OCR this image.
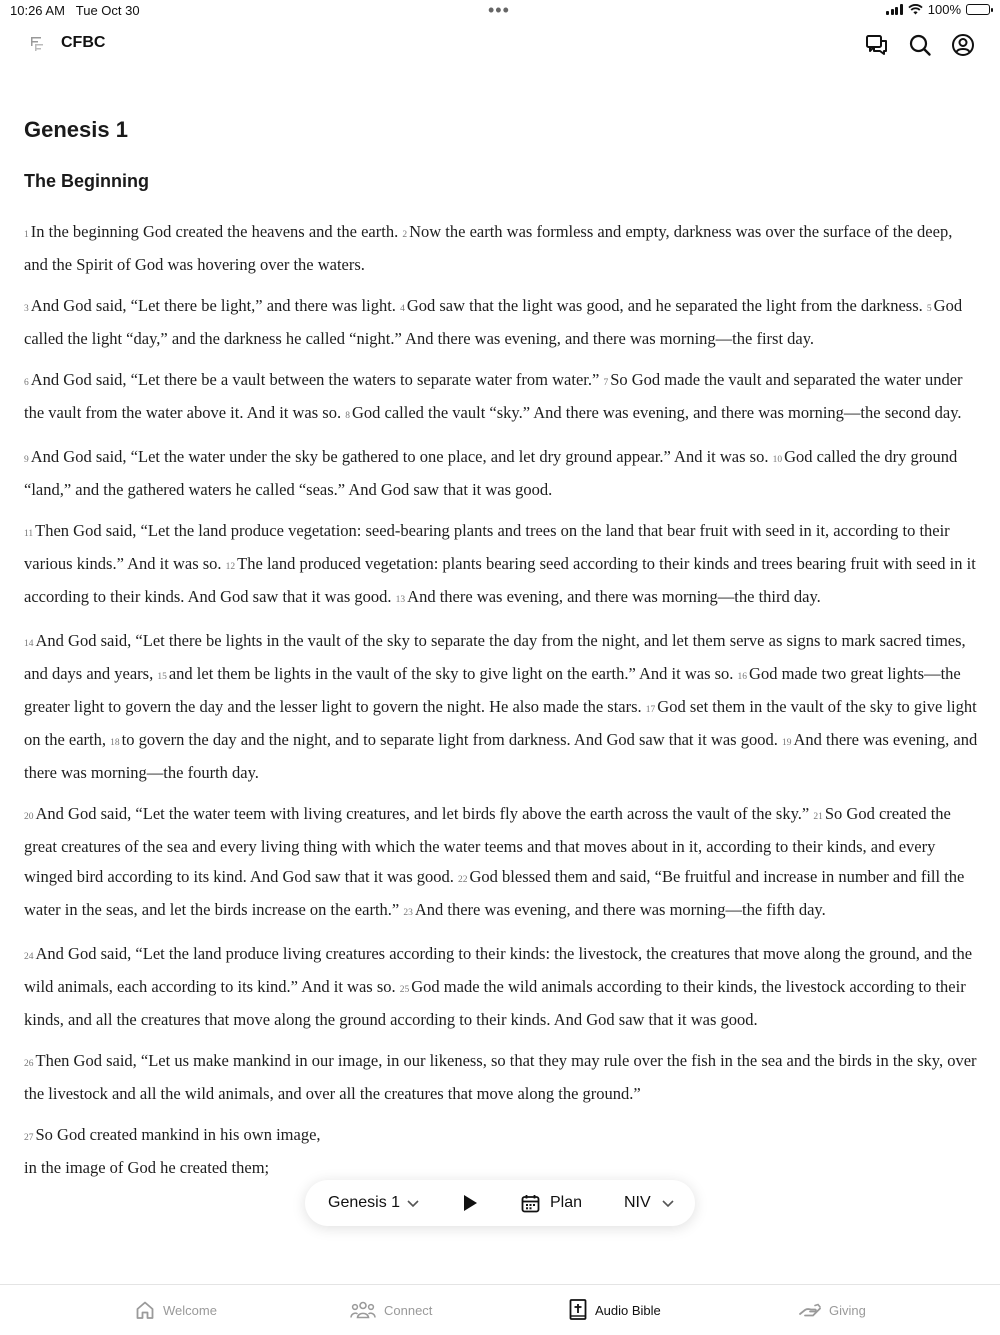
10:26 AM Tue Oct 30	•••	100%
CFBC
Genesis 1
The Beginning

1 In the beginning God created the heavens and the earth. 2 Now the earth was formless and empty, darkness was over the surface of the deep, and the Spirit of God was hovering over the waters.

3 And God said, “Let there be light,” and there was light. 4 God saw that the light was good, and he separated the light from the darkness. 5 God called the light “day,” and the darkness he called “night.” And there was evening, and there was morning—the first day.

6 And God said, “Let there be a vault between the waters to separate water from water.” 7 So God made the vault and separated the water under the vault from the water above it. And it was so. 8 God called the vault “sky.” And there was evening, and there was morning—the second day.

9 And God said, “Let the water under the sky be gathered to one place, and let dry ground appear.” And it was so. 10 God called the dry ground “land,” and the gathered waters he called “seas.” And God saw that it was good.

11 Then God said, “Let the land produce vegetation: seed-bearing plants and trees on the land that bear fruit with seed in it, according to their various kinds.” And it was so. 12 The land produced vegetation: plants bearing seed according to their kinds and trees bearing fruit with seed in it according to their kinds. And God saw that it was good. 13 And there was evening, and there was morning—the third day.

14 And God said, “Let there be lights in the vault of the sky to separate the day from the night, and let them serve as signs to mark sacred times, and days and years, 15 and let them be lights in the vault of the sky to give light on the earth.” And it was so. 16 God made two great lights—the greater light to govern the day and the lesser light to govern the night. He also made the stars. 17 God set them in the vault of the sky to give light on the earth, 18 to govern the day and the night, and to separate light from darkness. And God saw that it was good. 19 And there was evening, and there was morning—the fourth day.

20 And God said, “Let the water teem with living creatures, and let birds fly above the earth across the vault of the sky.” 21 So God created the great creatures of the sea and every living thing with which the water teems and that moves about in it, according to their kinds, and every winged bird according to its kind. And God saw that it was good. 22 God blessed them and said, “Be fruitful and increase in number and fill the water in the seas, and let the birds increase on the earth.” 23 And there was evening, and there was morning—the fifth day.

24 And God said, “Let the land produce living creatures according to their kinds: the livestock, the creatures that move along the ground, and the wild animals, each according to its kind.” And it was so. 25 God made the wild animals according to their kinds, the livestock according to their kinds, and all the creatures that move along the ground according to their kinds. And God saw that it was good.

26 Then God said, “Let us make mankind in our image, in our likeness, so that they may rule over the fish in the sea and the birds in the sky, over the livestock and all the wild animals, and over all the creatures that move along the ground.”

27 So God created mankind in his own image,
in the image of God he created them;

Genesis 1	Plan	NIV
Welcome	Connect	Audio Bible	Giving
